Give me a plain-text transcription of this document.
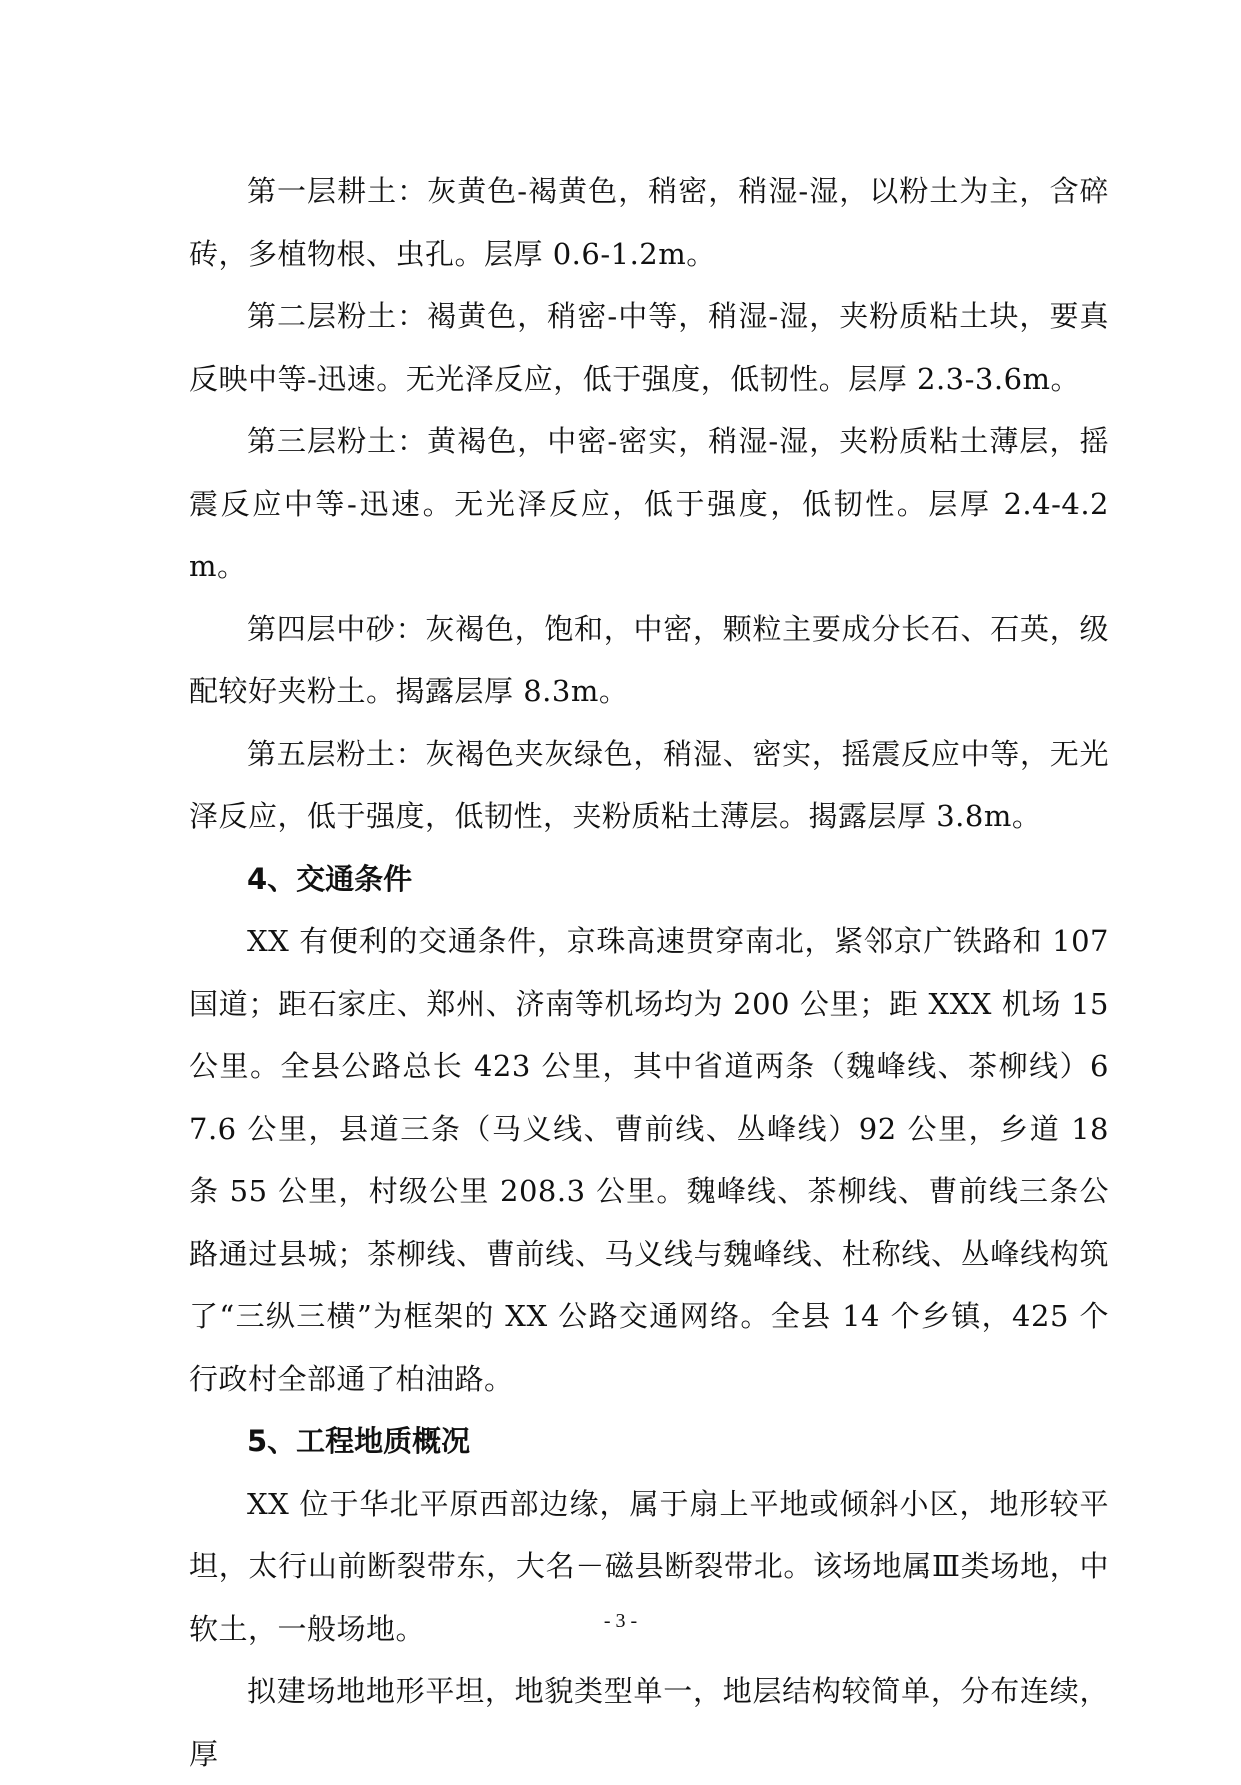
第一层耕土：灰黄色-褐黄色，稍密，稍湿-湿，以粉土为主，含碎砖，多植物根、虫孔。层厚 0.6-1.2m。

第二层粉土：褐黄色，稍密-中等，稍湿-湿，夹粉质粘土块，要真反映中等-迅速。无光泽反应，低于强度，低韧性。层厚 2.3-3.6m。

第三层粉土：黄褐色，中密-密实，稍湿-湿，夹粉质粘土薄层，摇震反应中等-迅速。无光泽反应，低于强度，低韧性。层厚 2.4-4.2m。

第四层中砂：灰褐色，饱和，中密，颗粒主要成分长石、石英，级配较好夹粉土。揭露层厚 8.3m。

第五层粉土：灰褐色夹灰绿色，稍湿、密实，摇震反应中等，无光泽反应，低于强度，低韧性，夹粉质粘土薄层。揭露层厚 3.8m。

4、交通条件

XX 有便利的交通条件，京珠高速贯穿南北，紧邻京广铁路和 107 国道；距石家庄、郑州、济南等机场均为 200 公里；距 XXX 机场 15 公里。全县公路总长 423 公里，其中省道两条（魏峰线、茶柳线）67.6 公里，县道三条（马义线、曹前线、丛峰线）92 公里，乡道 18 条 55 公里，村级公里 208.3 公里。魏峰线、茶柳线、曹前线三条公路通过县城；茶柳线、曹前线、马义线与魏峰线、杜称线、丛峰线构筑了“三纵三横”为框架的 XX 公路交通网络。全县 14 个乡镇，425 个行政村全部通了柏油路。

5、工程地质概况

XX 位于华北平原西部边缘，属于扇上平地或倾斜小区，地形较平坦，太行山前断裂带东，大名－磁县断裂带北。该场地属Ⅲ类场地，中软土，一般场地。

拟建场地地形平坦，地貌类型单一，地层结构较简单，分布连续，厚

- 3 -
